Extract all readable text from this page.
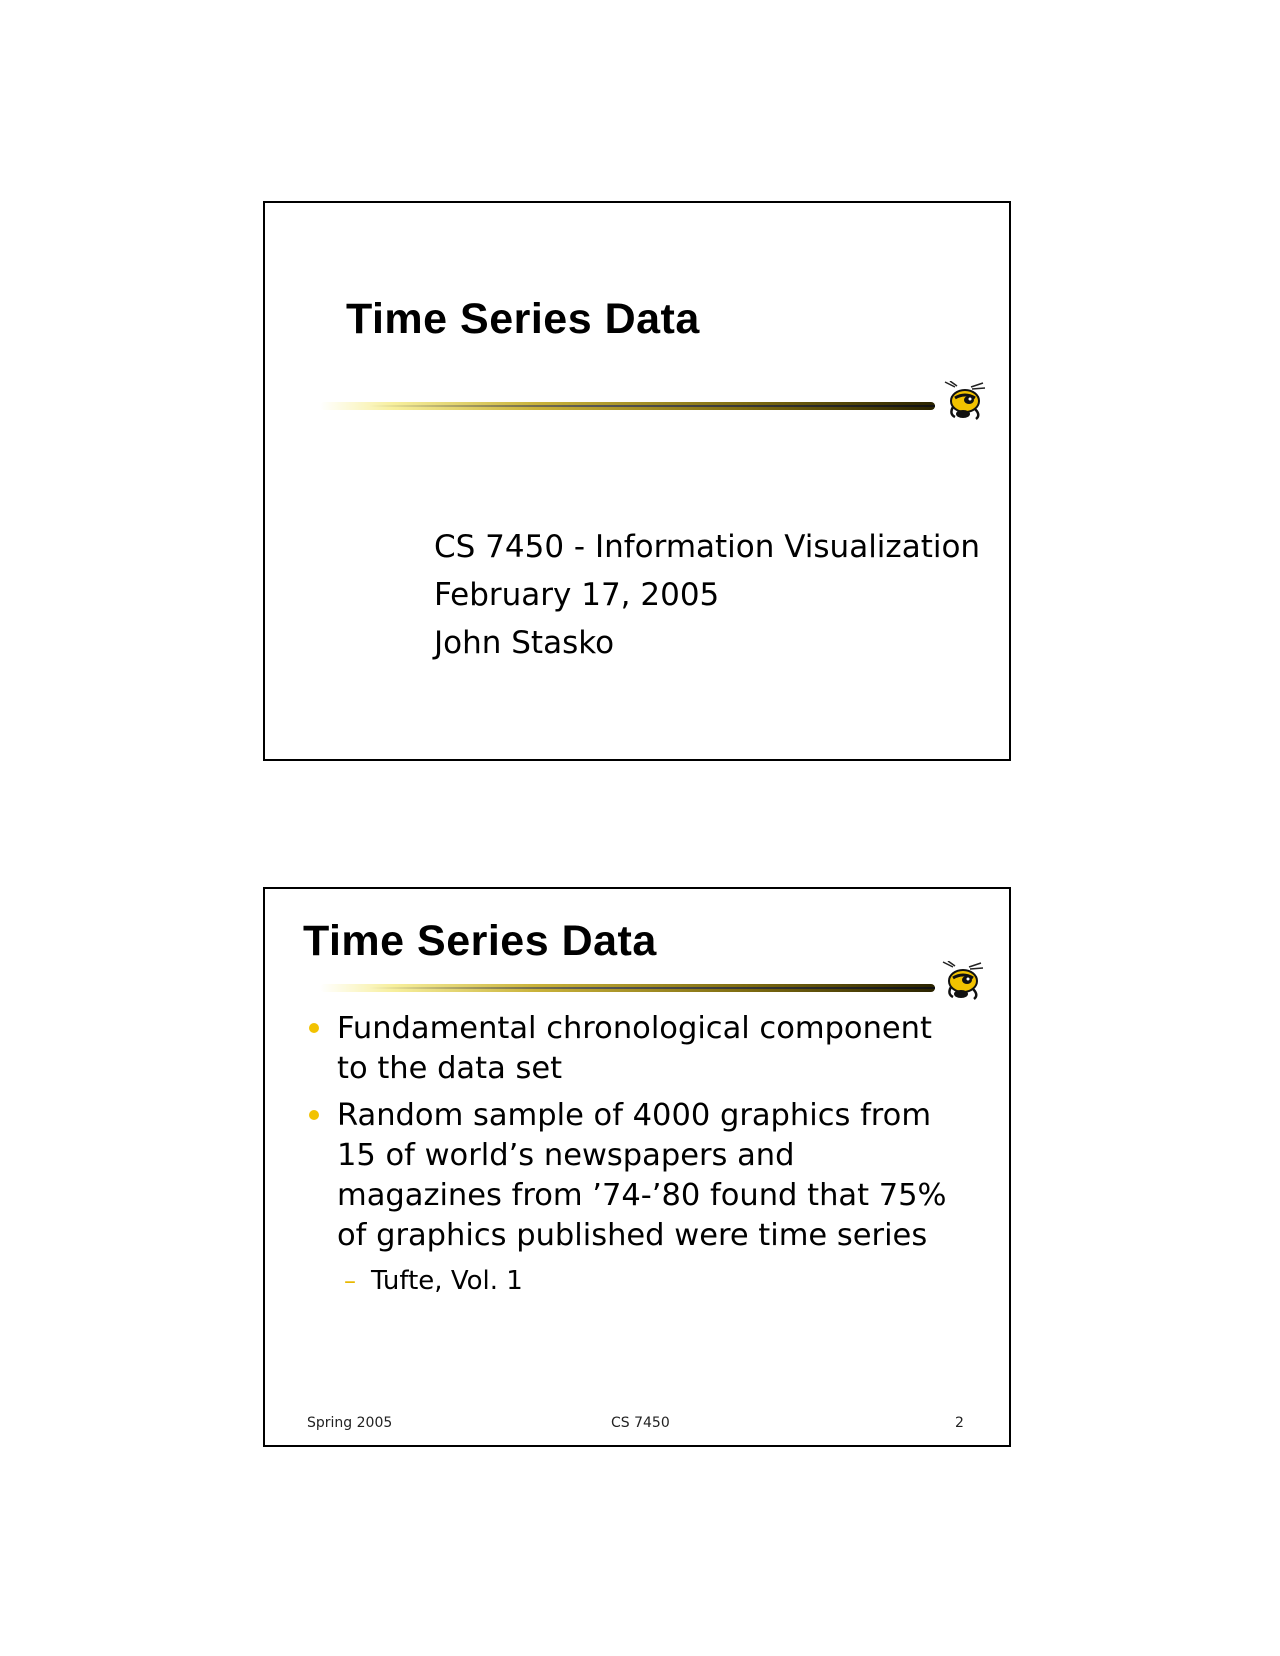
Time Series Data
CS 7450 - Information Visualization
February 17, 2005
John Stasko
Time Series Data
Fundamental chronological component to the data set
Random sample of 4000 graphics from 15 of world’s newspapers and magazines from ’74-’80 found that 75% of graphics published were time series
– Tufte, Vol. 1
Spring 2005	CS 7450	2
